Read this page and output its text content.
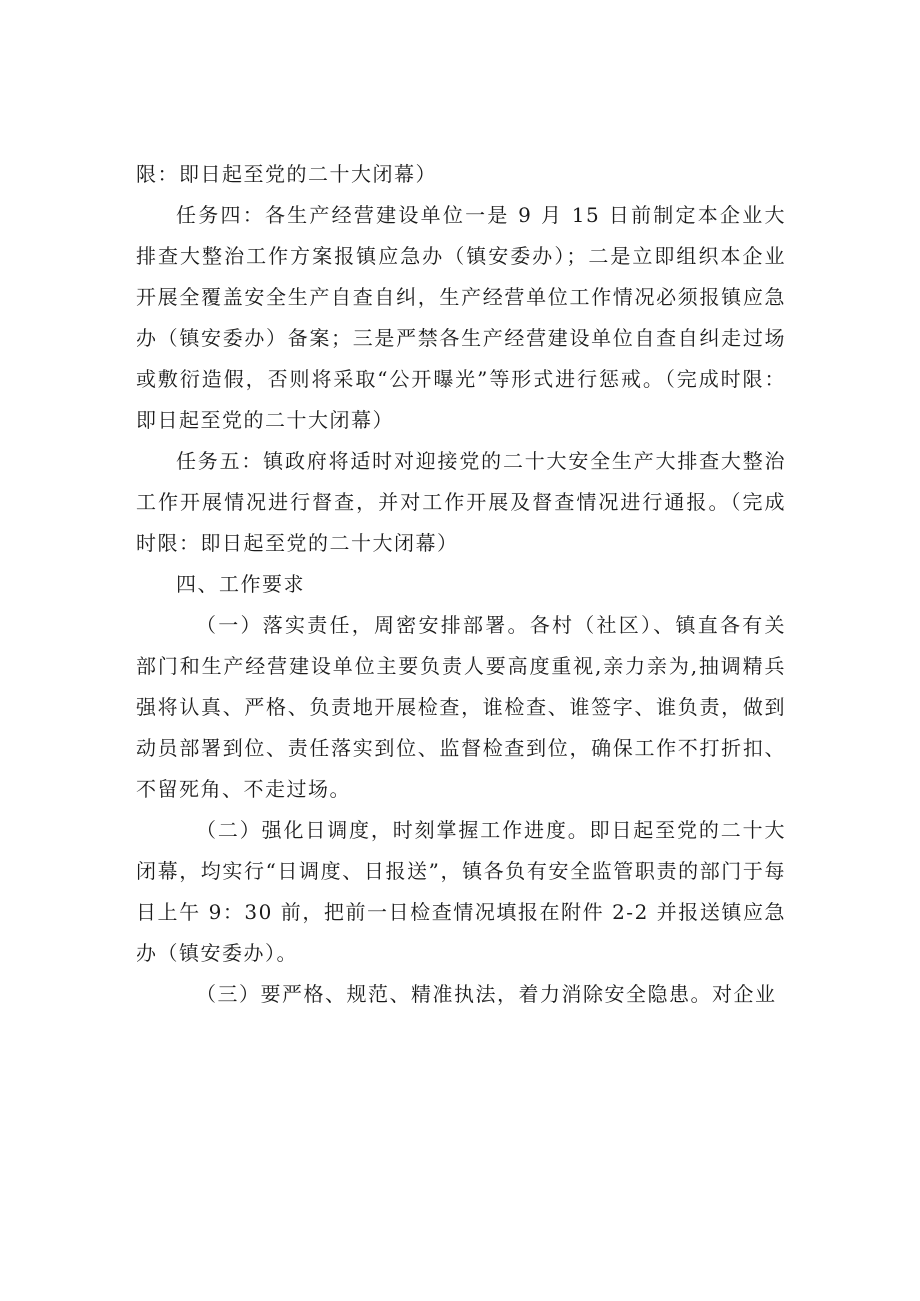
限：即日起至党的二十大闭幕）

任务四：各生产经营建设单位一是 9 月 15 日前制定本企业大排查大整治工作方案报镇应急办（镇安委办）；二是立即组织本企业开展全覆盖安全生产自查自纠，生产经营单位工作情况必须报镇应急办（镇安委办）备案；三是严禁各生产经营建设单位自查自纠走过场或敷衍造假，否则将采取“公开曝光”等形式进行惩戒。（完成时限：即日起至党的二十大闭幕）

任务五：镇政府将适时对迎接党的二十大安全生产大排查大整治工作开展情况进行督查，并对工作开展及督查情况进行通报。（完成时限：即日起至党的二十大闭幕）

四、工作要求

（一）落实责任，周密安排部署。各村（社区）、镇直各有关部门和生产经营建设单位主要负责人要高度重视,亲力亲为,抽调精兵强将认真、严格、负责地开展检查，谁检查、谁签字、谁负责，做到动员部署到位、责任落实到位、监督检查到位，确保工作不打折扣、不留死角、不走过场。

（二）强化日调度，时刻掌握工作进度。即日起至党的二十大闭幕，均实行“日调度、日报送”，镇各负有安全监管职责的部门于每日上午 9：30 前，把前一日检查情况填报在附件 2-2 并报送镇应急办（镇安委办）。

（三）要严格、规范、精准执法，着力消除安全隐患。对企业
